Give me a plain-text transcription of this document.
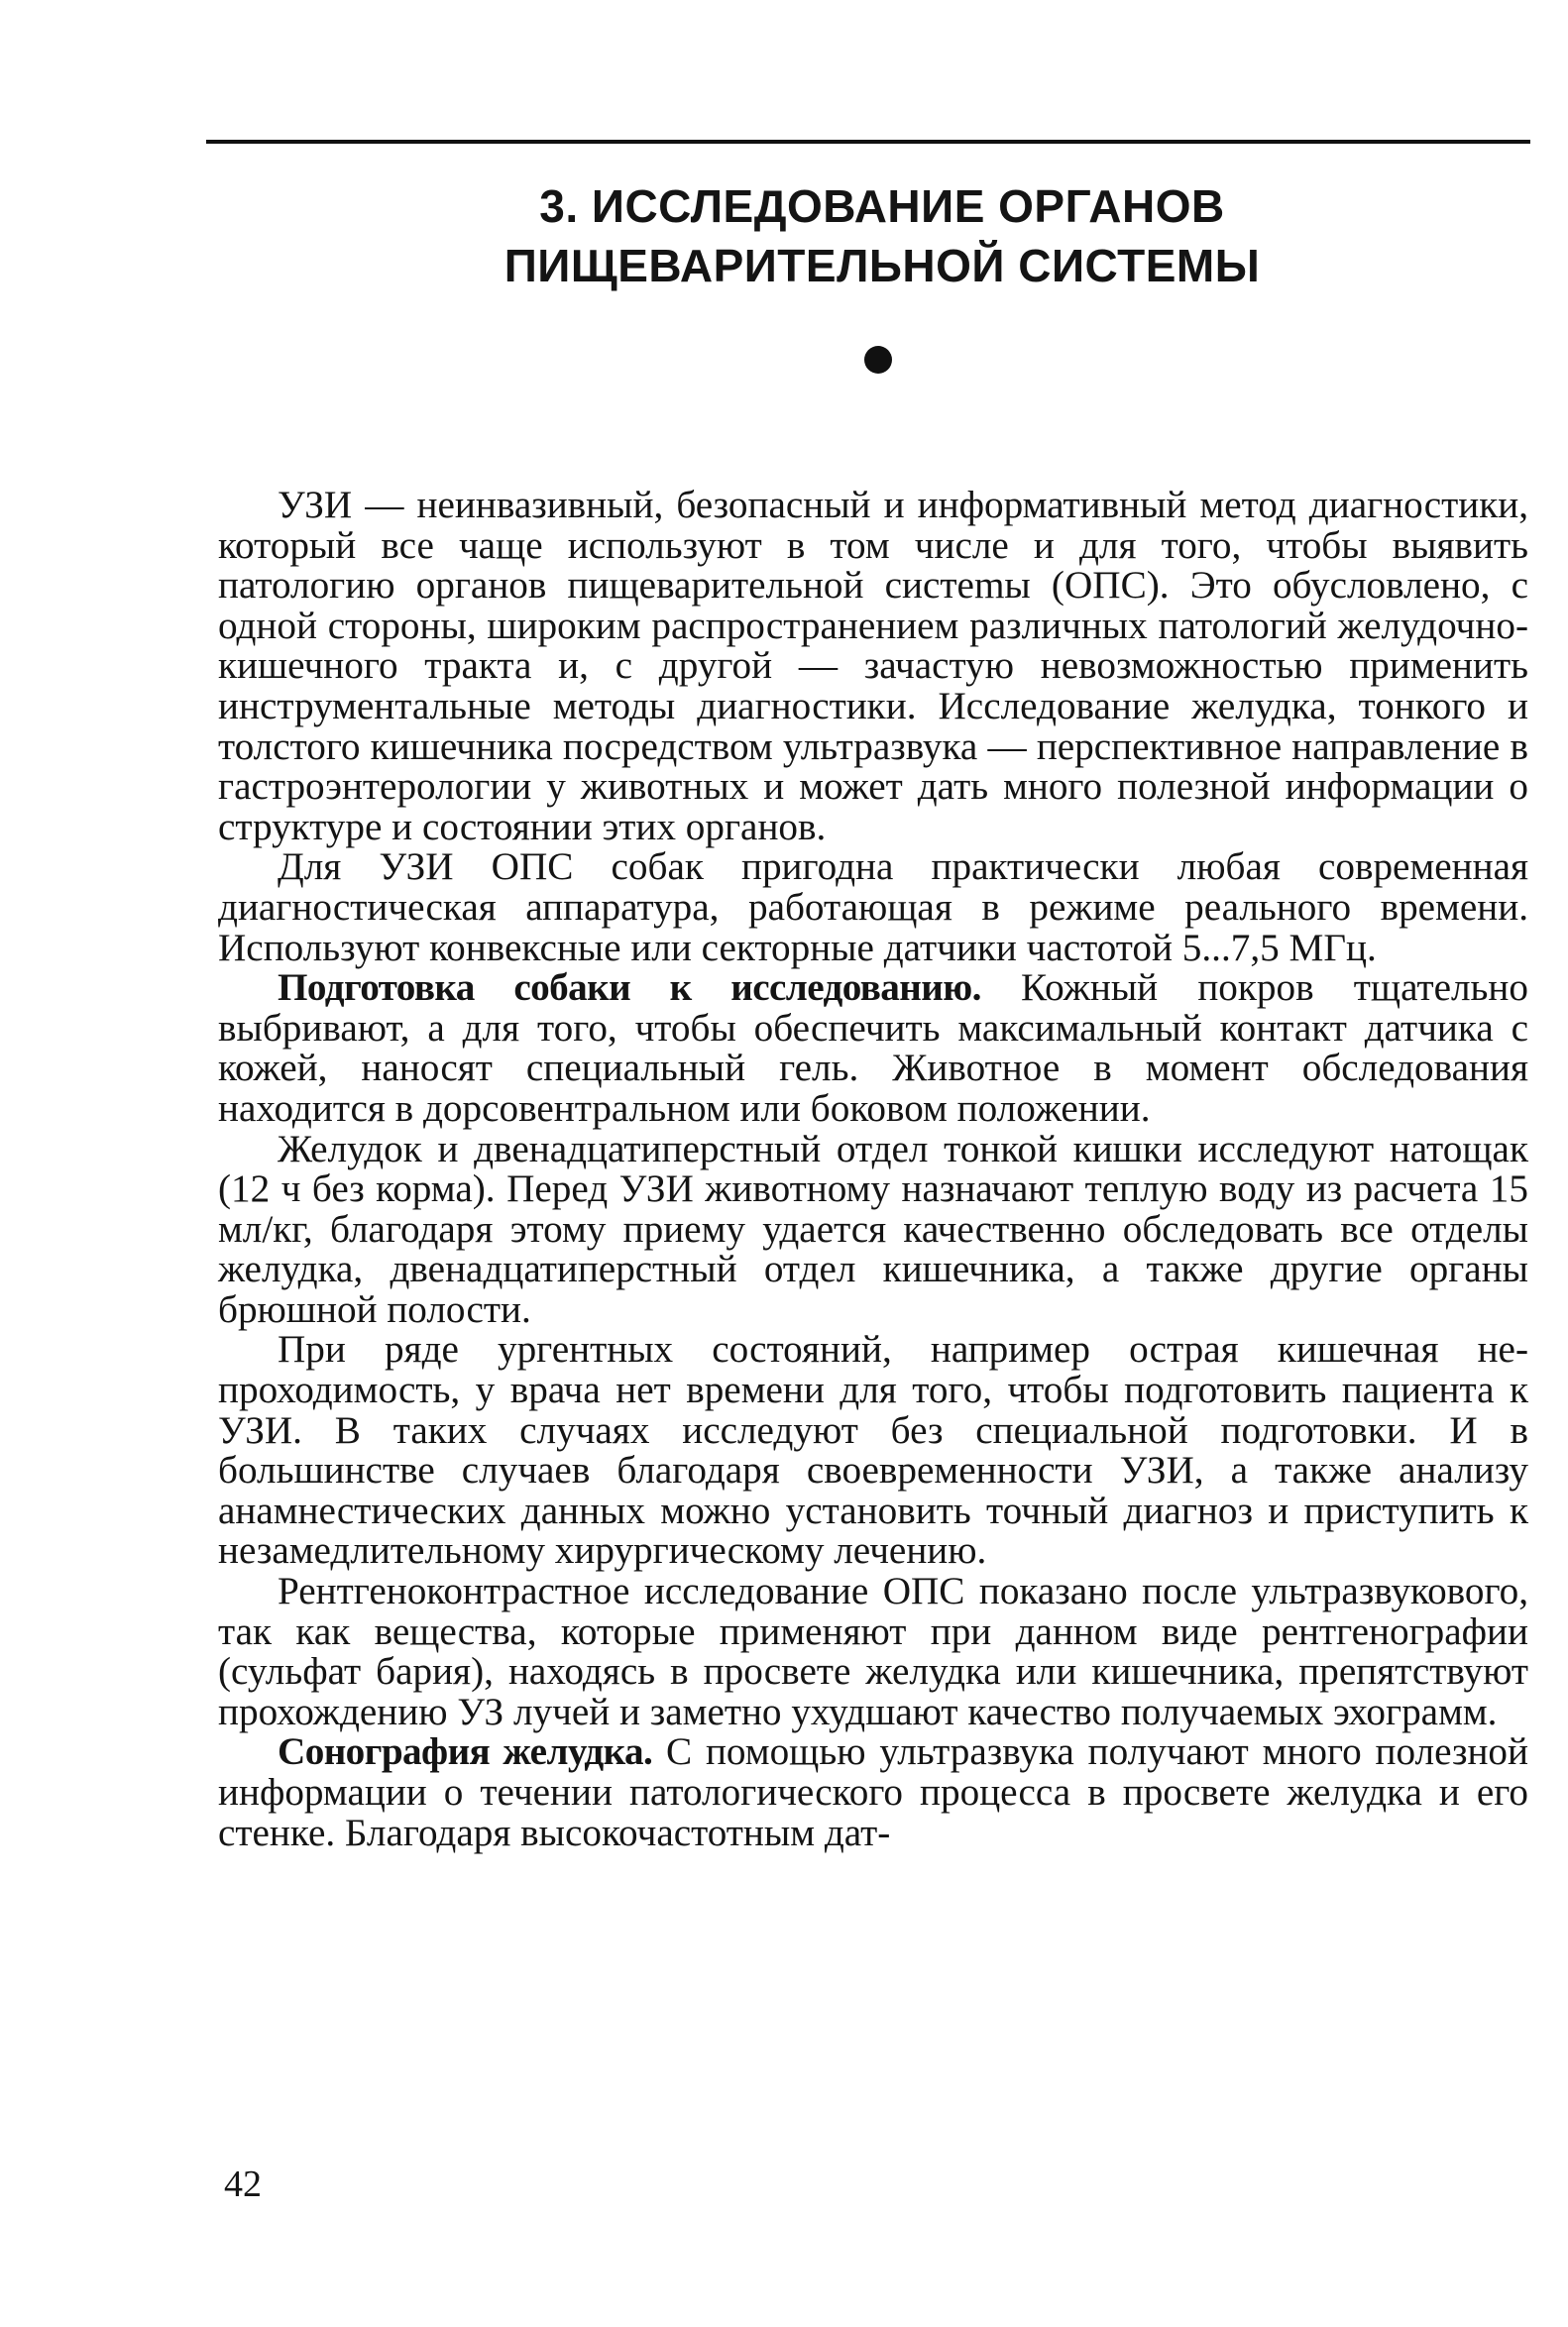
3. ИССЛЕДОВАНИЕ ОРГАНОВ
ПИЩЕВАРИТЕЛЬНОЙ СИСТЕМЫ

УЗИ — неинвазивный, безопасный и информативный метод диагностики, который все чаще используют в том числе и для того, чтобы выявить патологию органов пищеварительной систеmы (ОПС). Это обусловлено, с одной стороны, широким распространением различных патологий желудочно-кишечного тракта и, с другой — зачастую невозможностью применить инструментальные методы диагностики. Исследование желудка, тонкого и толстого кишечника посредством ультразвука — перспективное направление в гастроэнтерологии у животных и может дать много полезной информации о структуре и состоянии этих органов.

Для УЗИ ОПС собак пригодна практически любая современная диагностическая аппаратура, работающая в режиме реального времени. Используют конвексные или секторные датчики частотой 5...7,5 МГц.

Подготовка собаки к исследованию. Кожный покров тщательно выбривают, а для того, чтобы обеспечить максимальный контакт датчика с кожей, наносят специальный гель. Животное в момент обследования находится в дорсовентральном или боковом положении.

Желудок и двенадцатиперстный отдел тонкой кишки исследуют натощак (12 ч без корма). Перед УЗИ животному назначают теплую воду из расчета 15 мл/кг, благодаря этому приему удается качественно обследовать все отделы желудка, двенадцатиперстный отдел кишечника, а также другие органы брюшной полости.

При ряде ургентных состояний, например острая кишечная непроходимость, у врача нет времени для того, чтобы подготовить пациента к УЗИ. В таких случаях исследуют без специальной подготовки. И в большинстве случаев благодаря своевременности УЗИ, а также анализу анамнестических данных можно установить точный диагноз и приступить к незамедлительному хирургическому лечению.

Рентгеноконтрастное исследование ОПС показано после ультразвукового, так как вещества, которые применяют при данном виде рентгенографии (сульфат бария), находясь в просвете желудка или кишечника, препятствуют прохождению УЗ лучей и заметно ухудшают качество получаемых эхограмм.

Сонография желудка. С помощью ультразвука получают много полезной информации о течении патологического процесса в просвете желудка и его стенке. Благодаря высокочастотным дат-

42
